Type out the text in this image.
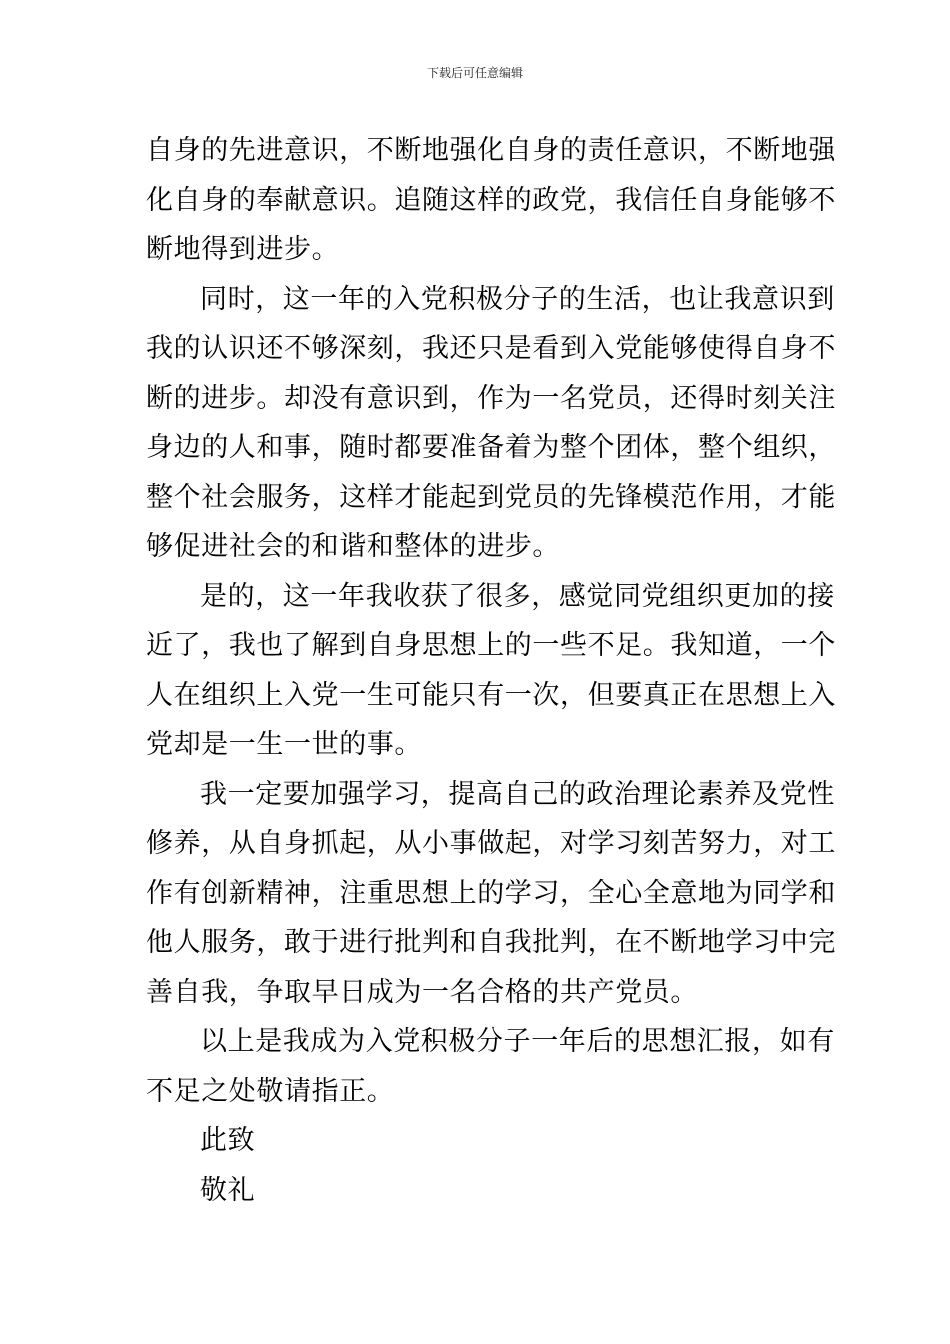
下载后可任意编辑
自身的先进意识，不断地强化自身的责任意识，不断地强
化自身的奉献意识。追随这样的政党，我信任自身能够不
断地得到进步。
同时，这一年的入党积极分子的生活，也让我意识到
我的认识还不够深刻，我还只是看到入党能够使得自身不
断的进步。却没有意识到，作为一名党员，还得时刻关注
身边的人和事，随时都要准备着为整个团体，整个组织，
整个社会服务，这样才能起到党员的先锋模范作用，才能
够促进社会的和谐和整体的进步。
是的，这一年我收获了很多，感觉同党组织更加的接
近了，我也了解到自身思想上的一些不足。我知道，一个
人在组织上入党一生可能只有一次，但要真正在思想上入
党却是一生一世的事。
我一定要加强学习，提高自己的政治理论素养及党性
修养，从自身抓起，从小事做起，对学习刻苦努力，对工
作有创新精神，注重思想上的学习，全心全意地为同学和
他人服务，敢于进行批判和自我批判，在不断地学习中完
善自我，争取早日成为一名合格的共产党员。
以上是我成为入党积极分子一年后的思想汇报，如有
不足之处敬请指正。
此致
敬礼
